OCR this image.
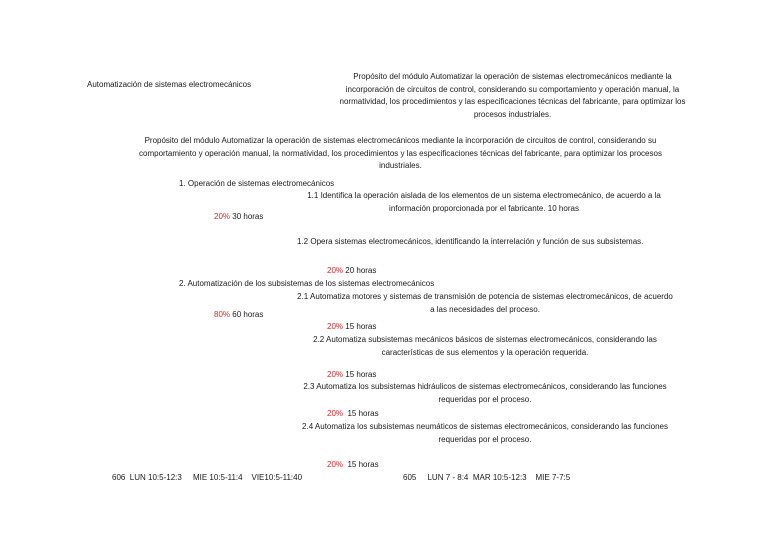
Automatización de sistemas electromecánicos
Propósito del módulo Automatizar la operación de sistemas electromecánicos mediante la incorporación de circuitos de control, considerando su comportamiento y operación manual, la normatividad, los procedimientos y las especificaciones técnicas del fabricante, para optimizar los procesos industriales.
Propósito del módulo Automatizar la operación de sistemas electromecánicos mediante la incorporación de circuitos de control, considerando su comportamiento y operación manual, la normatividad, los procedimientos y las especificaciones técnicas del fabricante, para optimizar los procesos industriales.
1. Operación de sistemas electromecánicos
1.1 Identifica la operación aislada de los elementos de un sistema electromecánico, de acuerdo a la información proporcionada por el fabricante. 10 horas
20% 30 horas
1.2 Opera sistemas electromecánicos, identificando la interrelación y función de sus subsistemas.
20% 20 horas
2. Automatización de los subsistemas de los sistemas electromecánicos
2.1 Automatiza motores y sistemas de transmisión de potencia de sistemas electromecánicos, de acuerdo a las necesidades del proceso.
80% 60 horas
20% 15 horas
2.2 Automatiza subsistemas mecánicos básicos de sistemas electromecánicos, considerando las características de sus elementos y la operación requerida.
20% 15 horas
2.3 Automatiza los subsistemas hidráulicos de sistemas electromecánicos, considerando las funciones requeridas por el proceso.
20% 15 horas
2.4 Automatiza los subsistemas neumáticos de sistemas electromecánicos, considerando las funciones requeridas por el proceso.
20% 15 horas
606  LUN 10:5-12:3     MIE 10:5-11:4    VIE10:5-11:40	605     LUN 7 - 8:4  MAR 10:5-12:3    MIE 7-7:5
